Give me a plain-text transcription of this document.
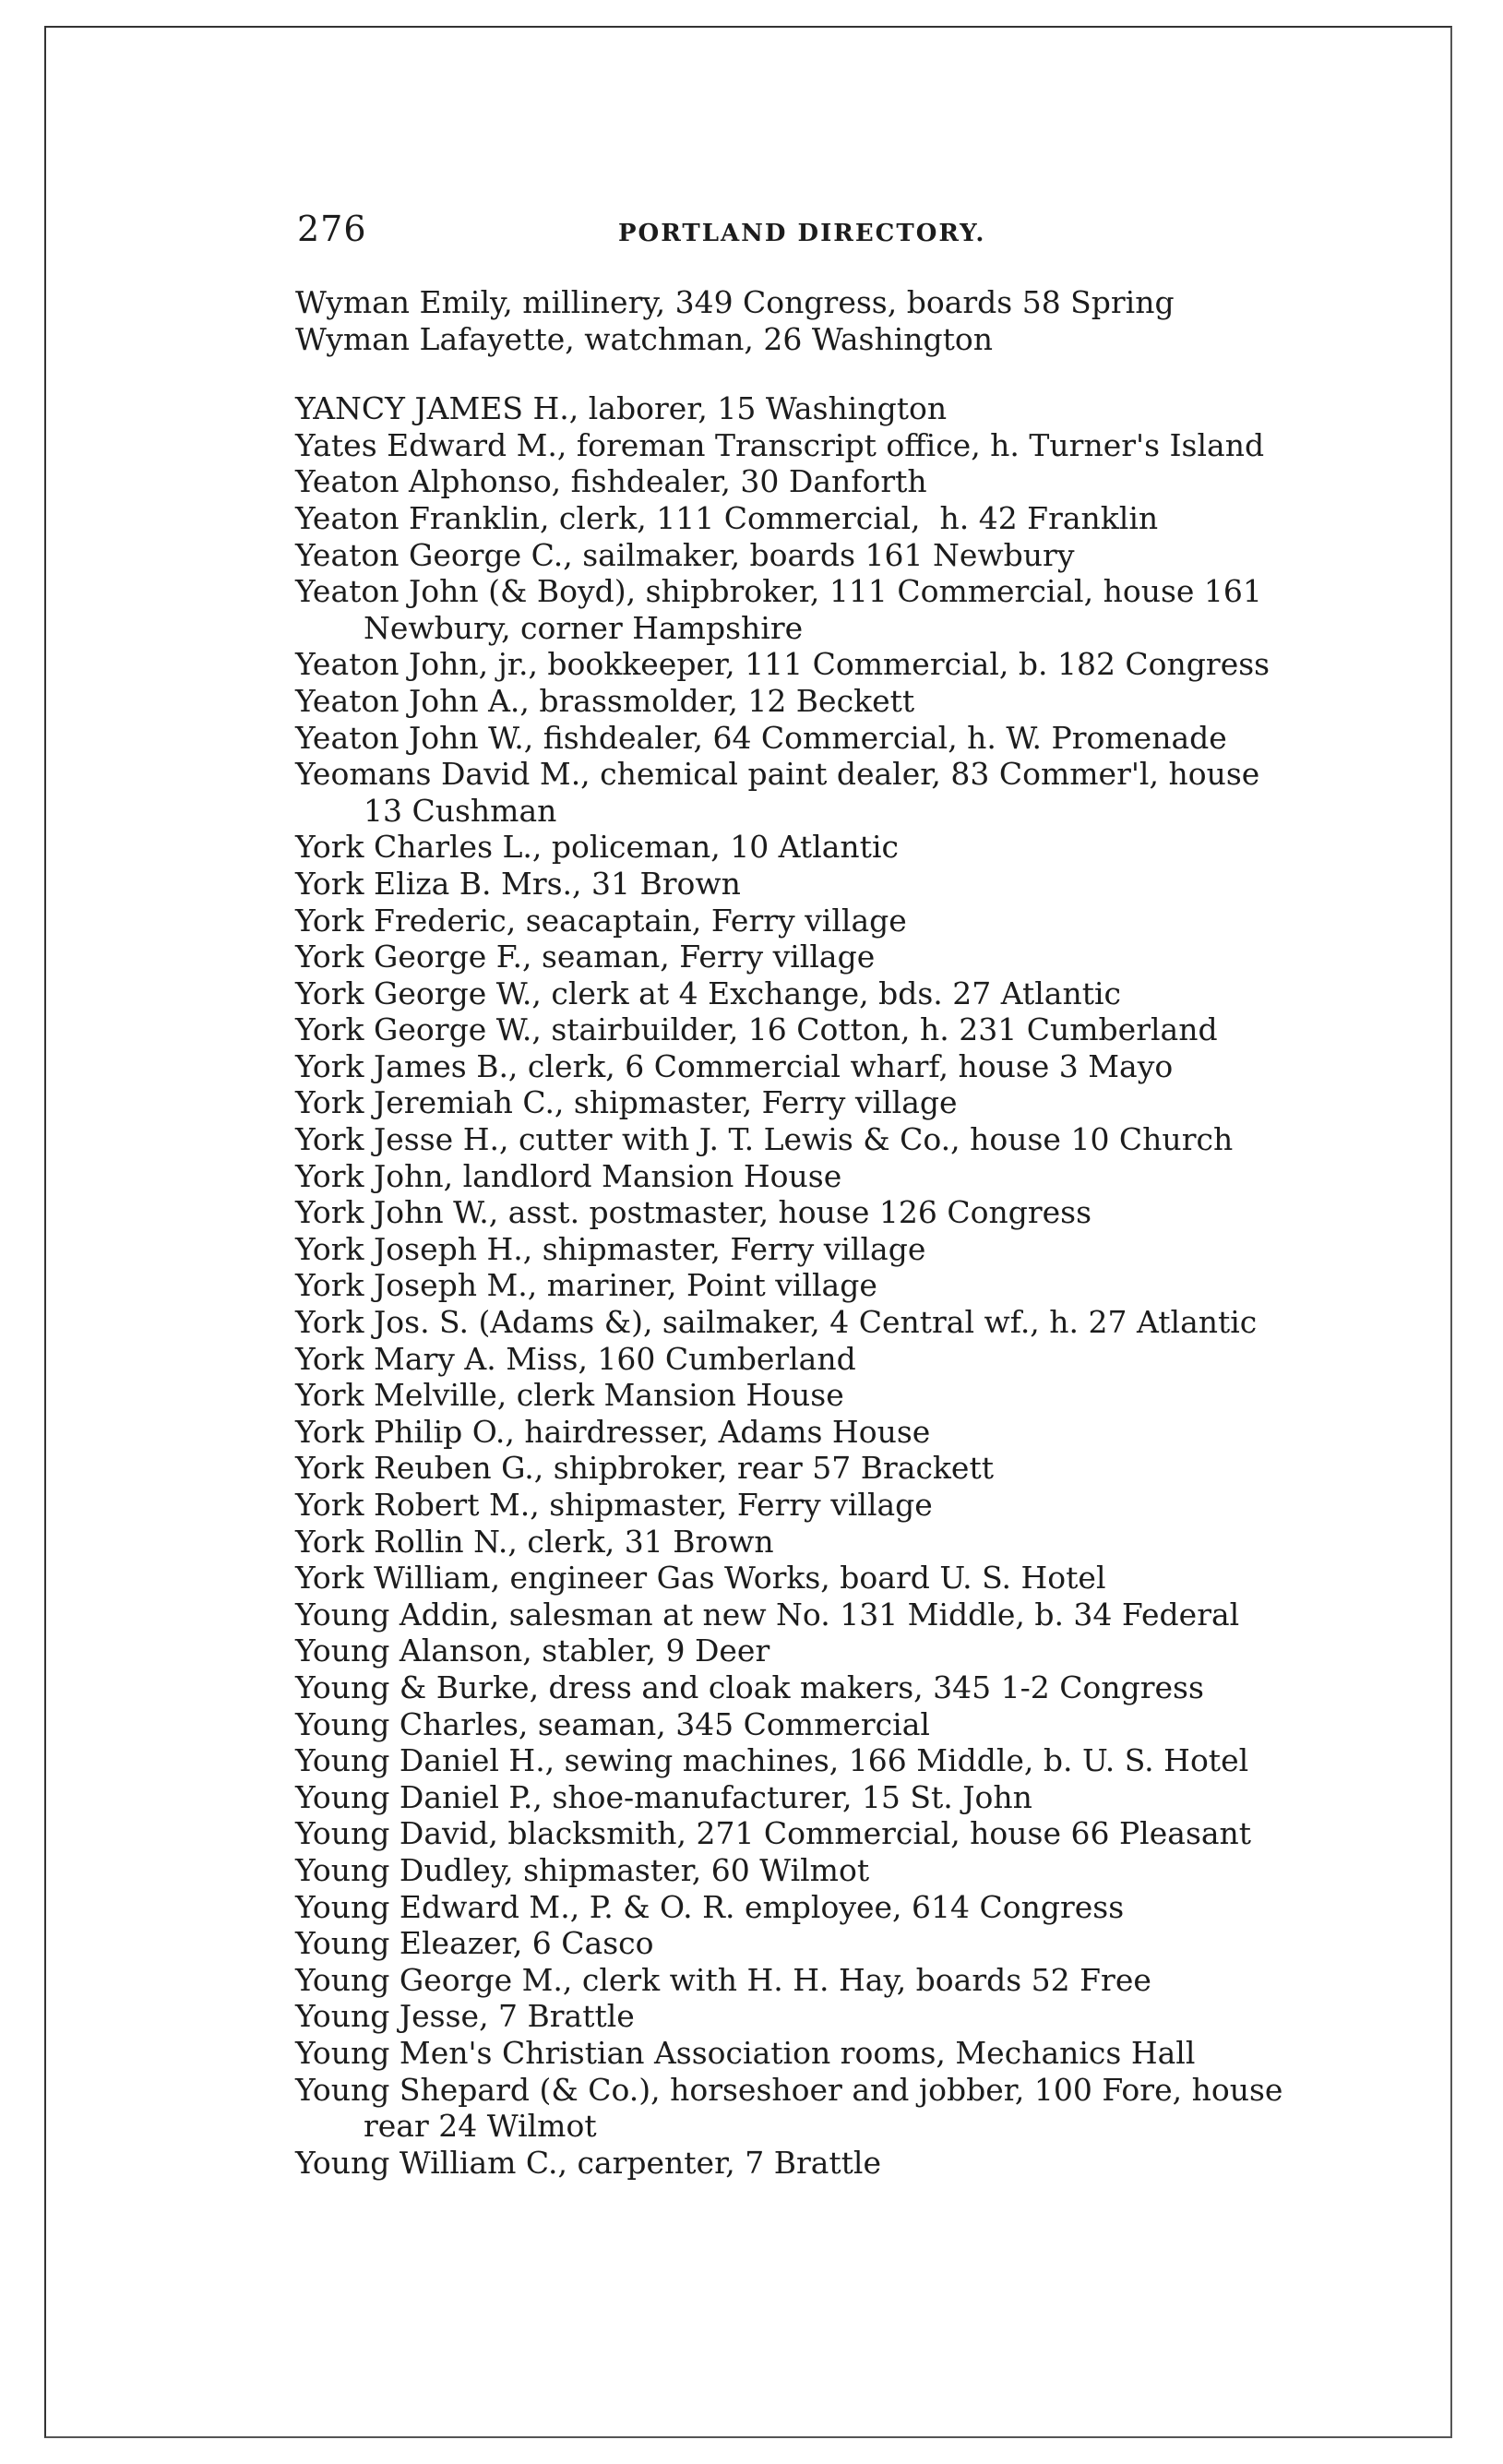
276	PORTLAND DIRECTORY.
Wyman Emily, millinery, 349 Congress, boards 58 Spring
Wyman Lafayette, watchman, 26 Washington
YANCY JAMES H., laborer, 15 Washington
Yates Edward M., foreman Transcript office, h. Turner's Island
Yeaton Alphonso, fishdealer, 30 Danforth
Yeaton Franklin, clerk, 111 Commercial,  h. 42 Franklin
Yeaton George C., sailmaker, boards 161 Newbury
Yeaton John (& Boyd), shipbroker, 111 Commercial, house 161
Newbury, corner Hampshire
Yeaton John, jr., bookkeeper, 111 Commercial, b. 182 Congress
Yeaton John A., brassmolder, 12 Beckett
Yeaton John W., fishdealer, 64 Commercial, h. W. Promenade
Yeomans David M., chemical paint dealer, 83 Commer'l, house
13 Cushman
York Charles L., policeman, 10 Atlantic
York Eliza B. Mrs., 31 Brown
York Frederic, seacaptain, Ferry village
York George F., seaman, Ferry village
York George W., clerk at 4 Exchange, bds. 27 Atlantic
York George W., stairbuilder, 16 Cotton, h. 231 Cumberland
York James B., clerk, 6 Commercial wharf, house 3 Mayo
York Jeremiah C., shipmaster, Ferry village
York Jesse H., cutter with J. T. Lewis & Co., house 10 Church
York John, landlord Mansion House
York John W., asst. postmaster, house 126 Congress
York Joseph H., shipmaster, Ferry village
York Joseph M., mariner, Point village
York Jos. S. (Adams &), sailmaker, 4 Central wf., h. 27 Atlantic
York Mary A. Miss, 160 Cumberland
York Melville, clerk Mansion House
York Philip O., hairdresser, Adams House
York Reuben G., shipbroker, rear 57 Brackett
York Robert M., shipmaster, Ferry village
York Rollin N., clerk, 31 Brown
York William, engineer Gas Works, board U. S. Hotel
Young Addin, salesman at new No. 131 Middle, b. 34 Federal
Young Alanson, stabler, 9 Deer
Young & Burke, dress and cloak makers, 345 1-2 Congress
Young Charles, seaman, 345 Commercial
Young Daniel H., sewing machines, 166 Middle, b. U. S. Hotel
Young Daniel P., shoe-manufacturer, 15 St. John
Young David, blacksmith, 271 Commercial, house 66 Pleasant
Young Dudley, shipmaster, 60 Wilmot
Young Edward M., P. & O. R. employee, 614 Congress
Young Eleazer, 6 Casco
Young George M., clerk with H. H. Hay, boards 52 Free
Young Jesse, 7 Brattle
Young Men's Christian Association rooms, Mechanics Hall
Young Shepard (& Co.), horseshoer and jobber, 100 Fore, house
rear 24 Wilmot
Young William C., carpenter, 7 Brattle
